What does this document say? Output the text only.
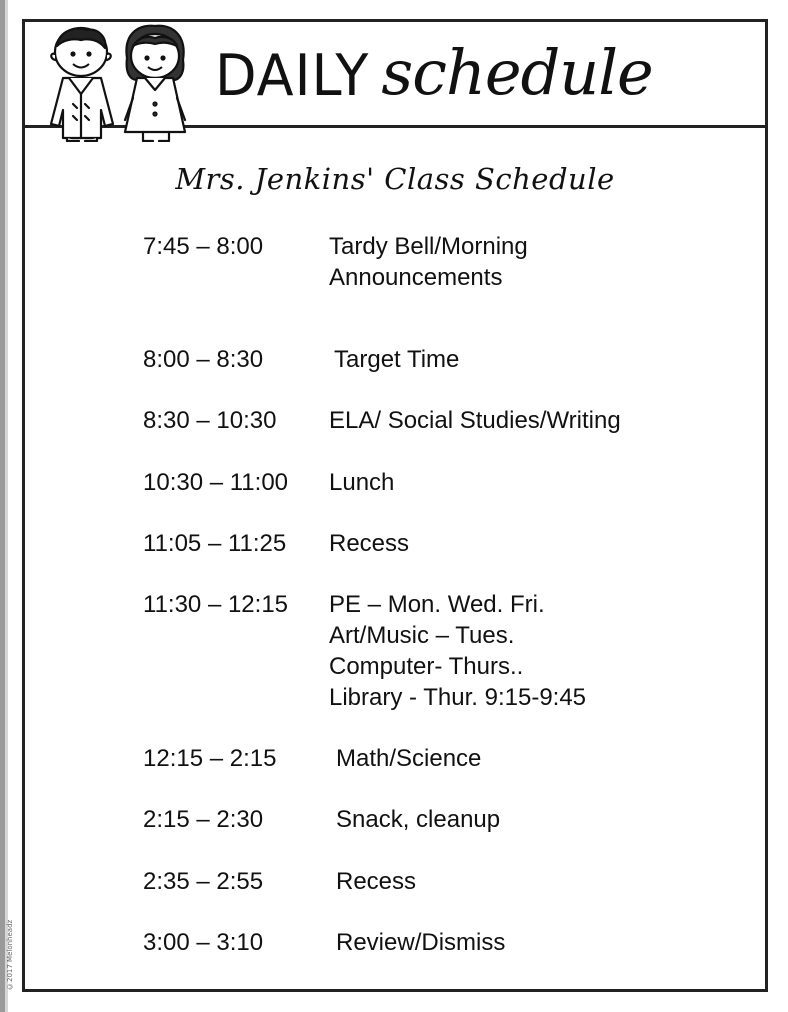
DAILY schedule
Mrs. Jenkins' Class Schedule
7:45 – 8:00	Tardy Bell/Morning
Announcements
8:00 – 8:30	Target Time
8:30 – 10:30 ELA/ Social Studies/Writing
10:30 – 11:00 Lunch
11:05 – 11:25 Recess
11:30 – 12:15 PE – Mon. Wed. Fri.
Art/Music – Tues.
Computer- Thurs..
Library - Thur. 9:15-9:45
12:15 – 2:15 Math/Science
2:15 – 2:30	Snack, cleanup
2:35 – 2:55	Recess
3:00 – 3:10	Review/Dismiss
©2017 Melonheadz
